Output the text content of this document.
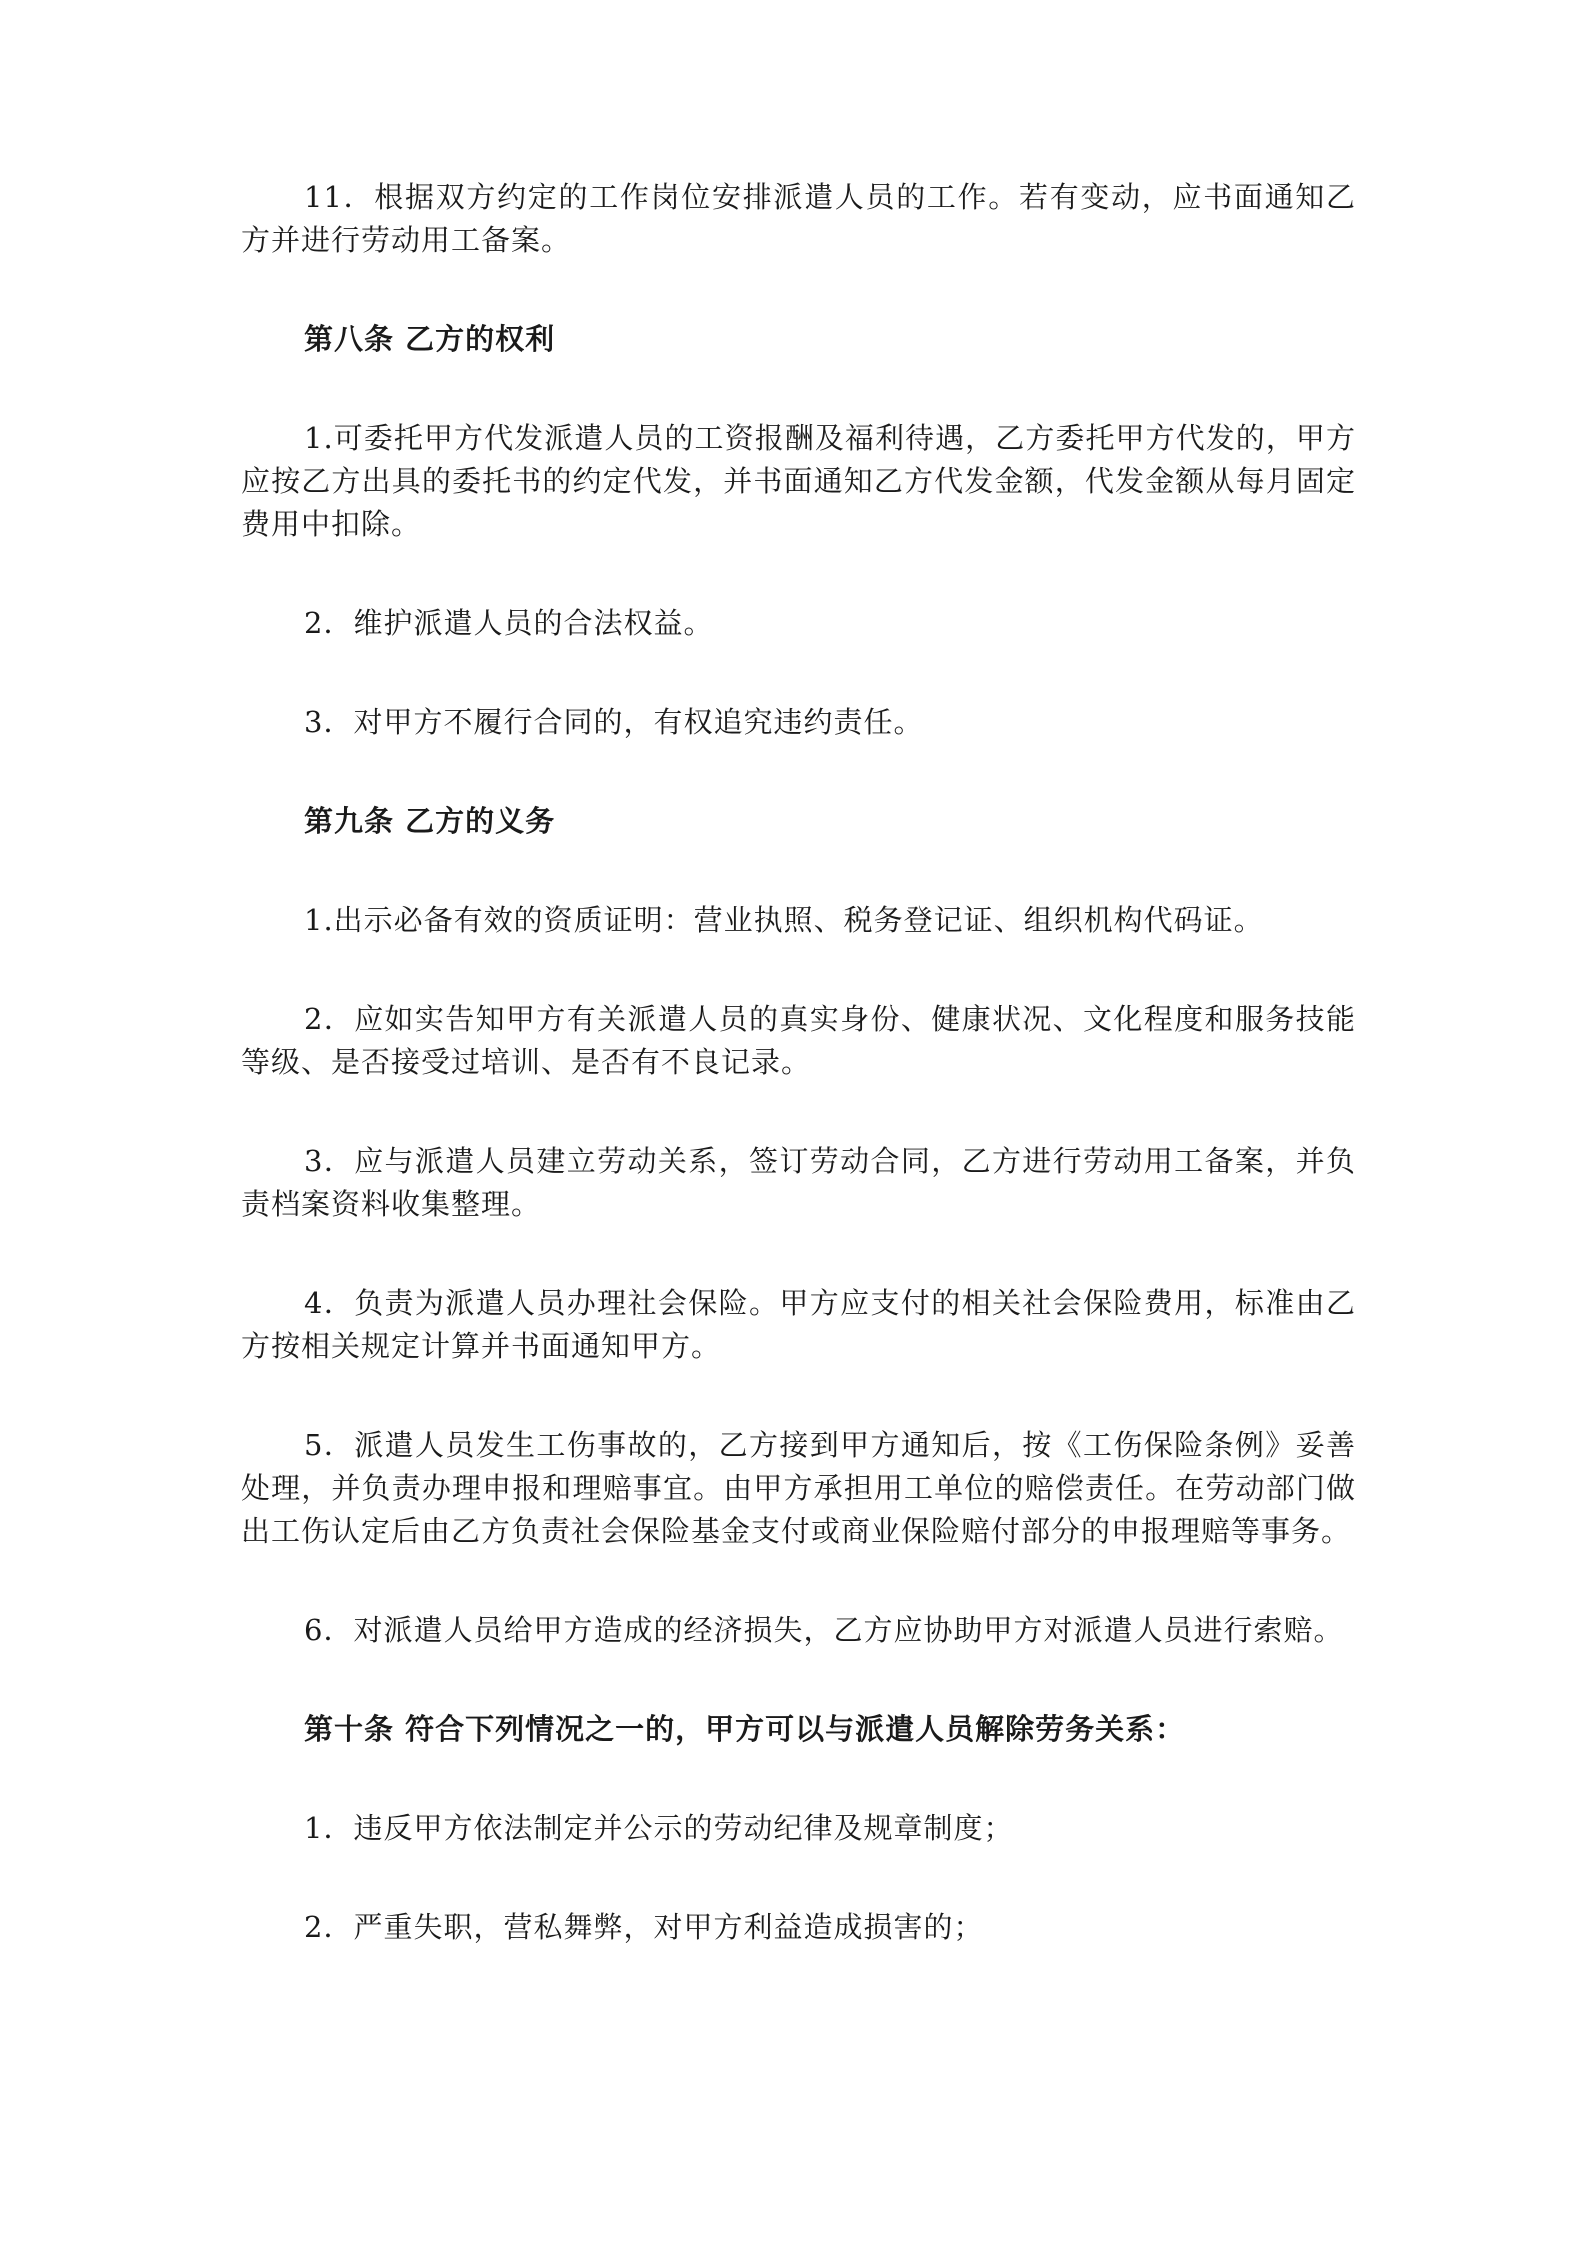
11．根据双方约定的工作岗位安排派遣人员的工作。若有变动，应书面通知乙方并进行劳动用工备案。

第八条 乙方的权利

1.可委托甲方代发派遣人员的工资报酬及福利待遇，乙方委托甲方代发的，甲方应按乙方出具的委托书的约定代发，并书面通知乙方代发金额，代发金额从每月固定费用中扣除。

2．维护派遣人员的合法权益。

3．对甲方不履行合同的，有权追究违约责任。

第九条 乙方的义务

1.出示必备有效的资质证明：营业执照、税务登记证、组织机构代码证。

2．应如实告知甲方有关派遣人员的真实身份、健康状况、文化程度和服务技能等级、是否接受过培训、是否有不良记录。

3．应与派遣人员建立劳动关系，签订劳动合同，乙方进行劳动用工备案，并负责档案资料收集整理。

4．负责为派遣人员办理社会保险。甲方应支付的相关社会保险费用，标准由乙方按相关规定计算并书面通知甲方。

5．派遣人员发生工伤事故的，乙方接到甲方通知后，按《工伤保险条例》妥善处理，并负责办理申报和理赔事宜。由甲方承担用工单位的赔偿责任。在劳动部门做出工伤认定后由乙方负责社会保险基金支付或商业保险赔付部分的申报理赔等事务。

6．对派遣人员给甲方造成的经济损失，乙方应协助甲方对派遣人员进行索赔。

第十条 符合下列情况之一的，甲方可以与派遣人员解除劳务关系：

1．违反甲方依法制定并公示的劳动纪律及规章制度；

2．严重失职，营私舞弊，对甲方利益造成损害的；
